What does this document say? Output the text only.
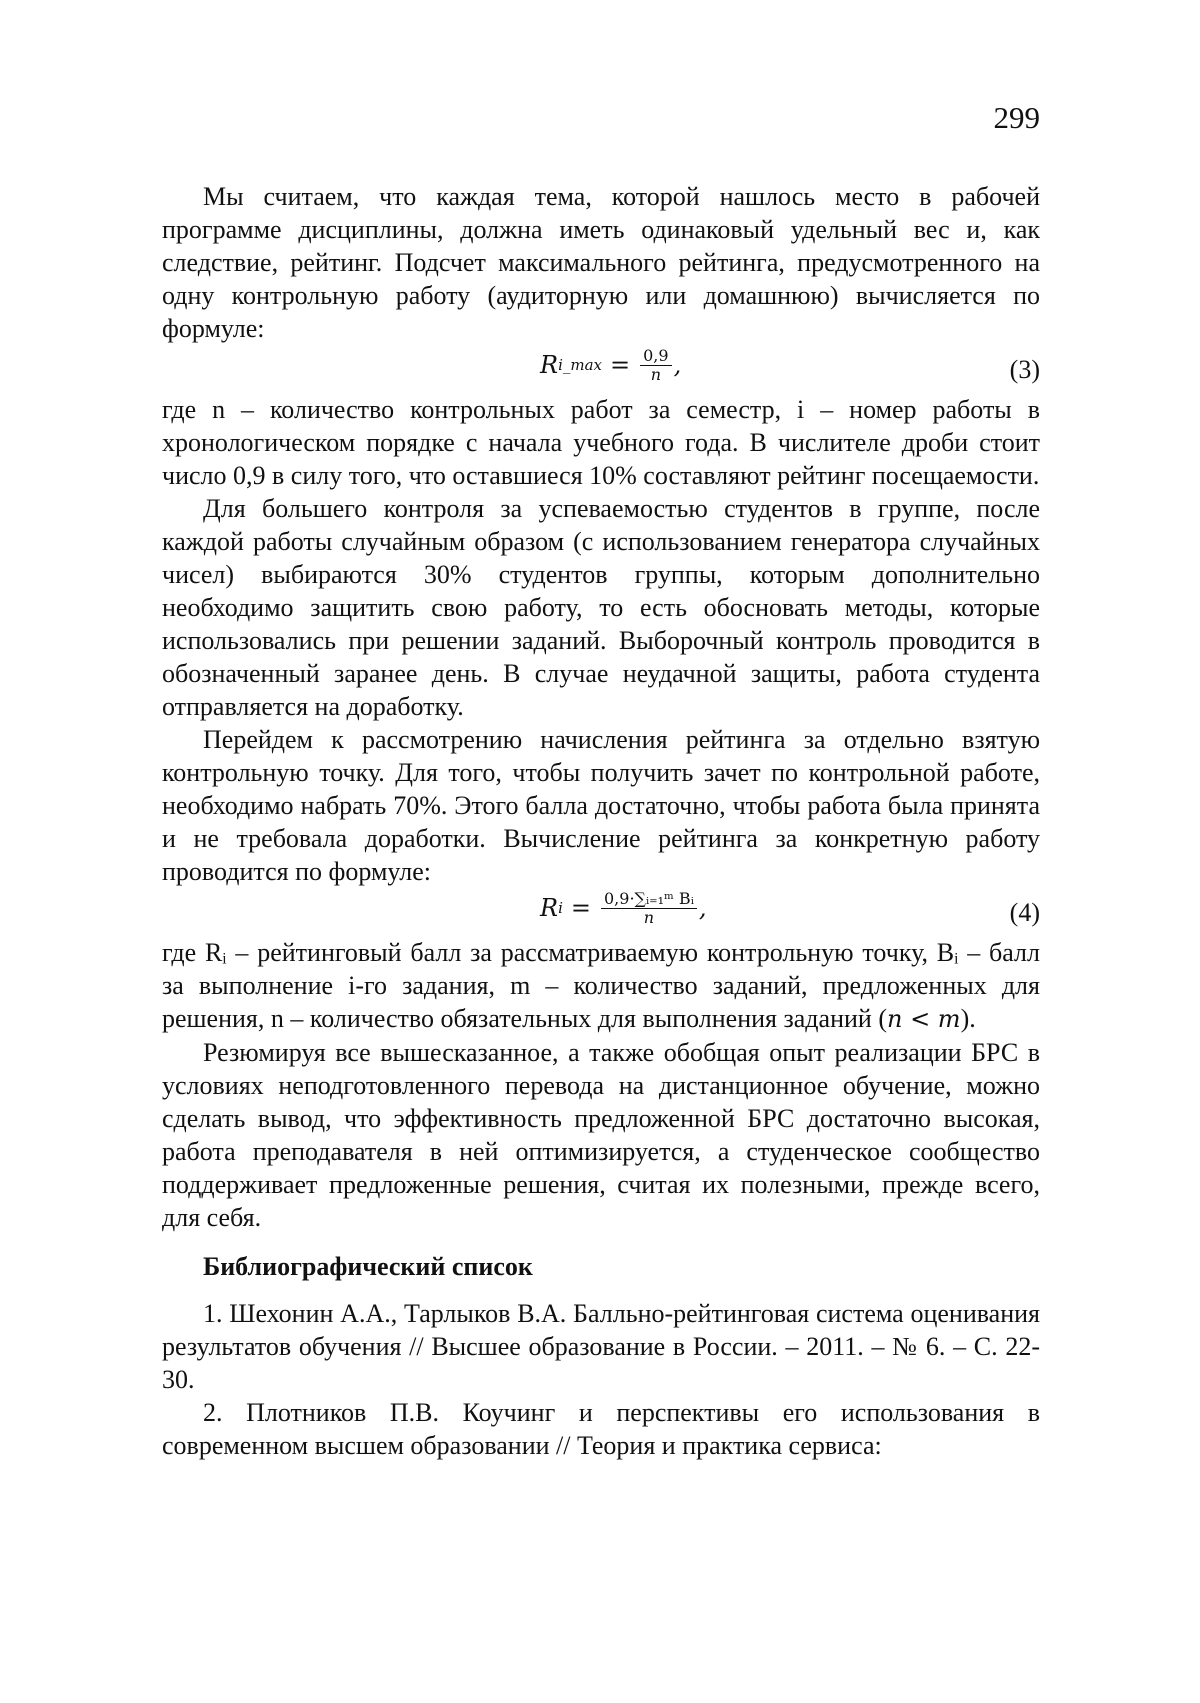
299

Мы считаем, что каждая тема, которой нашлось место в рабочей программе дисциплины, должна иметь одинаковый удельный вес и, как следствие, рейтинг. Подсчет максимального рейтинга, предусмотренного на одну контрольную работу (аудиторную или домашнюю) вычисляется по формуле:

R i_max = $\frac{0,9}{n}$ ,	(3)

где n – количество контрольных работ за семестр, i – номер работы в хронологическом порядке с начала учебного года. В числителе дроби стоит число 0,9 в силу того, что оставшиеся 10% составляют рейтинг посещаемости.

Для большего контроля за успеваемостью студентов в группе, после каждой работы случайным образом (с использованием генератора случайных чисел) выбираются 30% студентов группы, которым дополнительно необходимо защитить свою работу, то есть обосновать методы, которые использовались при решении заданий. Выборочный контроль проводится в обозначенный заранее день. В случае неудачной защиты, работа студента отправляется на доработку.

Перейдем к рассмотрению начисления рейтинга за отдельно взятую контрольную точку. Для того, чтобы получить зачет по контрольной работе, необходимо набрать 70%. Этого балла достаточно, чтобы работа была принята и не требовала доработки. Вычисление рейтинга за конкретную работу проводится по формуле:

R $i = \frac{\text{0,9·∑ᵢ₌₁ᵐ Bᵢ}}{n}$ ,	(4)

где Rᵢ – рейтинговый балл за рассматриваемую контрольную точку, Bᵢ – балл за выполнение i-го задания, m – количество заданий, предложенных для решения, n – количество обязательных для выполнения заданий (n < m).

Резюмируя все вышесказанное, а также обобщая опыт реализации БРС в условиях неподготовленного перевода на дистанционное обучение, можно сделать вывод, что эффективность предложенной БРС достаточно высокая, работа преподавателя в ней оптимизируется, а студенческое сообщество поддерживает предложенные решения, считая их полезными, прежде всего, для себя.

Библиографический список

1. Шехонин А.А., Тарлыков В.А. Балльно-рейтинговая система оценивания результатов обучения // Высшее образование в России. – 2011. – № 6. – С. 22-30.

2. Плотников П.В. Коучинг и перспективы его использования в современном высшем образовании // Теория и практика сервиса:
